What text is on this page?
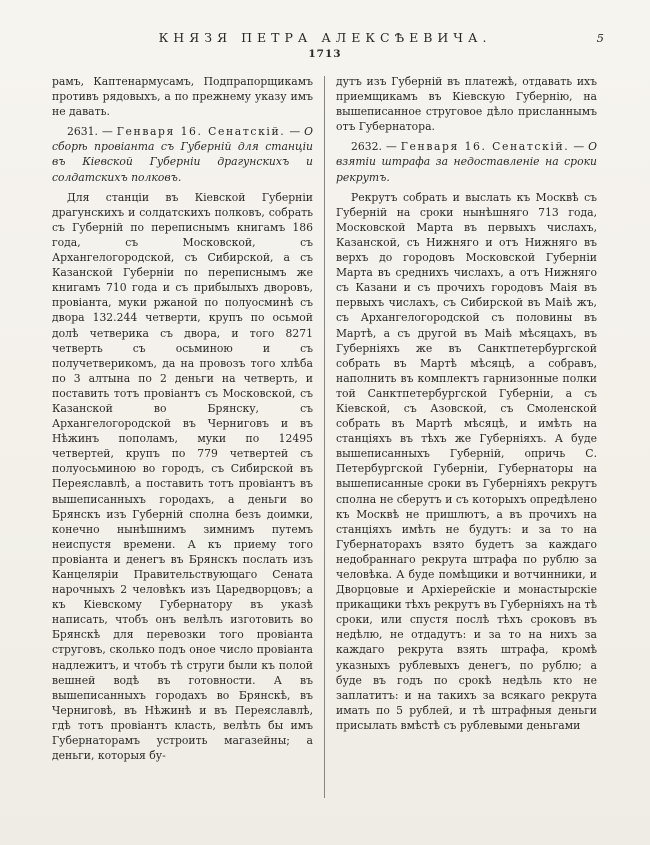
КНЯЗЯ ПЕТРА АЛЕКСѢЕВИЧА.
1713
5

рамъ, Каптенармусамъ, Подпрапорщикамъ противъ рядовыхъ, а по прежнему указу имъ не давать.

2631. — Генваря 16. Сенатскій. — О сборѣ провіанта съ Губерній для станціи въ Кіевской Губерніи драгунскихъ и солдатскихъ полковъ.

Для станціи въ Кіевской Губерніи драгунскихъ и солдатскихъ полковъ, собрать съ Губерній по переписнымъ книгамъ 186 года, съ Московской, съ Архангелогородской, съ Сибирской, а съ Казанской Губерніи по переписнымъ же книгамъ 710 года и съ прибылыхъ дворовъ, провіанта, муки ржаной по полуосминѣ съ двора 132.244 четверти, крупъ по осьмой долѣ четверика съ двора, и того 8271 четверть съ осьминою и съ получетверикомъ, да на провозъ того хлѣба по 3 алтына по 2 деньги на четверть, и поставить тотъ провіантъ съ Московской, съ Казанской во Брянску, съ Архангелогородской въ Черниговъ и въ Нѣжинъ пополамъ, муки по 12495 четвертей, крупъ по 779 четвертей съ полуосьминою во городъ, съ Сибирской въ Переяславлѣ, а поставить тотъ провіантъ въ вышеписанныхъ городахъ, а деньги во Брянскъ изъ Губерній сполна безъ доимки, конечно нынѣшнимъ зимнимъ путемъ неиспустя времени. А къ приему того провіанта и денегъ въ Брянскъ послать изъ Канцеляріи Правительствующаго Сената нарочныхъ 2 человѣкъ изъ Царедворцовъ; а къ Кіевскому Губернатору въ указѣ написать, чтобъ онъ велѣлъ изготовить во Брянскѣ для перевозки того провіанта струговъ, сколько подъ оное число провіанта надлежитъ, и чтобъ тѣ струги были къ полой вешней водѣ въ готовности. А въ вышеписанныхъ городахъ во Брянскѣ, въ Черниговѣ, въ Нѣжинѣ и въ Переяславлѣ, гдѣ тотъ провіантъ класть, велѣть бы имъ Губернаторамъ устроить магазейны; а деньги, которыя бу-

дутъ изъ Губерній въ платежѣ, отдавать ихъ приемщикамъ въ Кіевскую Губернію, на вышеписанное струговое дѣло присланнымъ отъ Губернатора.

2632. — Генваря 16. Сенатскій. — О взятіи штрафа за недоставленіе на сроки рекрутъ.

Рекрутъ собрать и выслать къ Москвѣ съ Губерній на сроки нынѣшняго 713 года, Московской Марта въ первыхъ числахъ, Казанской, съ Нижняго и отъ Нижняго въ верхъ до городовъ Московской Губерніи Марта въ среднихъ числахъ, а отъ Нижняго съ Казани и съ прочихъ городовъ Маія въ первыхъ числахъ, съ Сибирской въ Маіѣ жъ, съ Архангелогородской съ половины въ Мартѣ, а съ другой въ Маіѣ мѣсяцахъ, въ Губерніяхъ же въ Санктпетербургской собрать въ Мартѣ мѣсяцѣ, а собравъ, наполнить въ комплектъ гарнизонные полки той Санктпетербургской Губерніи, а съ Кіевской, съ Азовской, съ Смоленской собрать въ Мартѣ мѣсяцѣ, и имѣть на станціяхъ въ тѣхъ же Губерніяхъ. А буде вышеписанныхъ Губерній, опричь С. Петербургской Губерніи, Губернаторы на вышеписанные сроки въ Губерніяхъ рекрутъ сполна не сберутъ и съ которыхъ опредѣлено къ Москвѣ не пришлютъ, а въ прочихъ на станціяхъ имѣть не будутъ: и за то на Губернаторахъ взято будетъ за каждаго недобраннаго рекрута штрафа по рублю за человѣка. А буде помѣщики и вотчинники, и Дворцовые и Архіерейскіе и монастырскіе прикащики тѣхъ рекрутъ въ Губерніяхъ на тѣ сроки, или спустя послѣ тѣхъ сроковъ въ недѣлю, не отдадутъ: и за то на нихъ за каждаго рекрута взять штрафа, кромѣ указныхъ рублевыхъ денегъ, по рублю; а буде въ годъ по срокѣ недѣль кто не заплатитъ: и на такихъ за всякаго рекрута имать по 5 рублей, и тѣ штрафныя деньги присылать вмѣстѣ съ рублевыми деньгами
